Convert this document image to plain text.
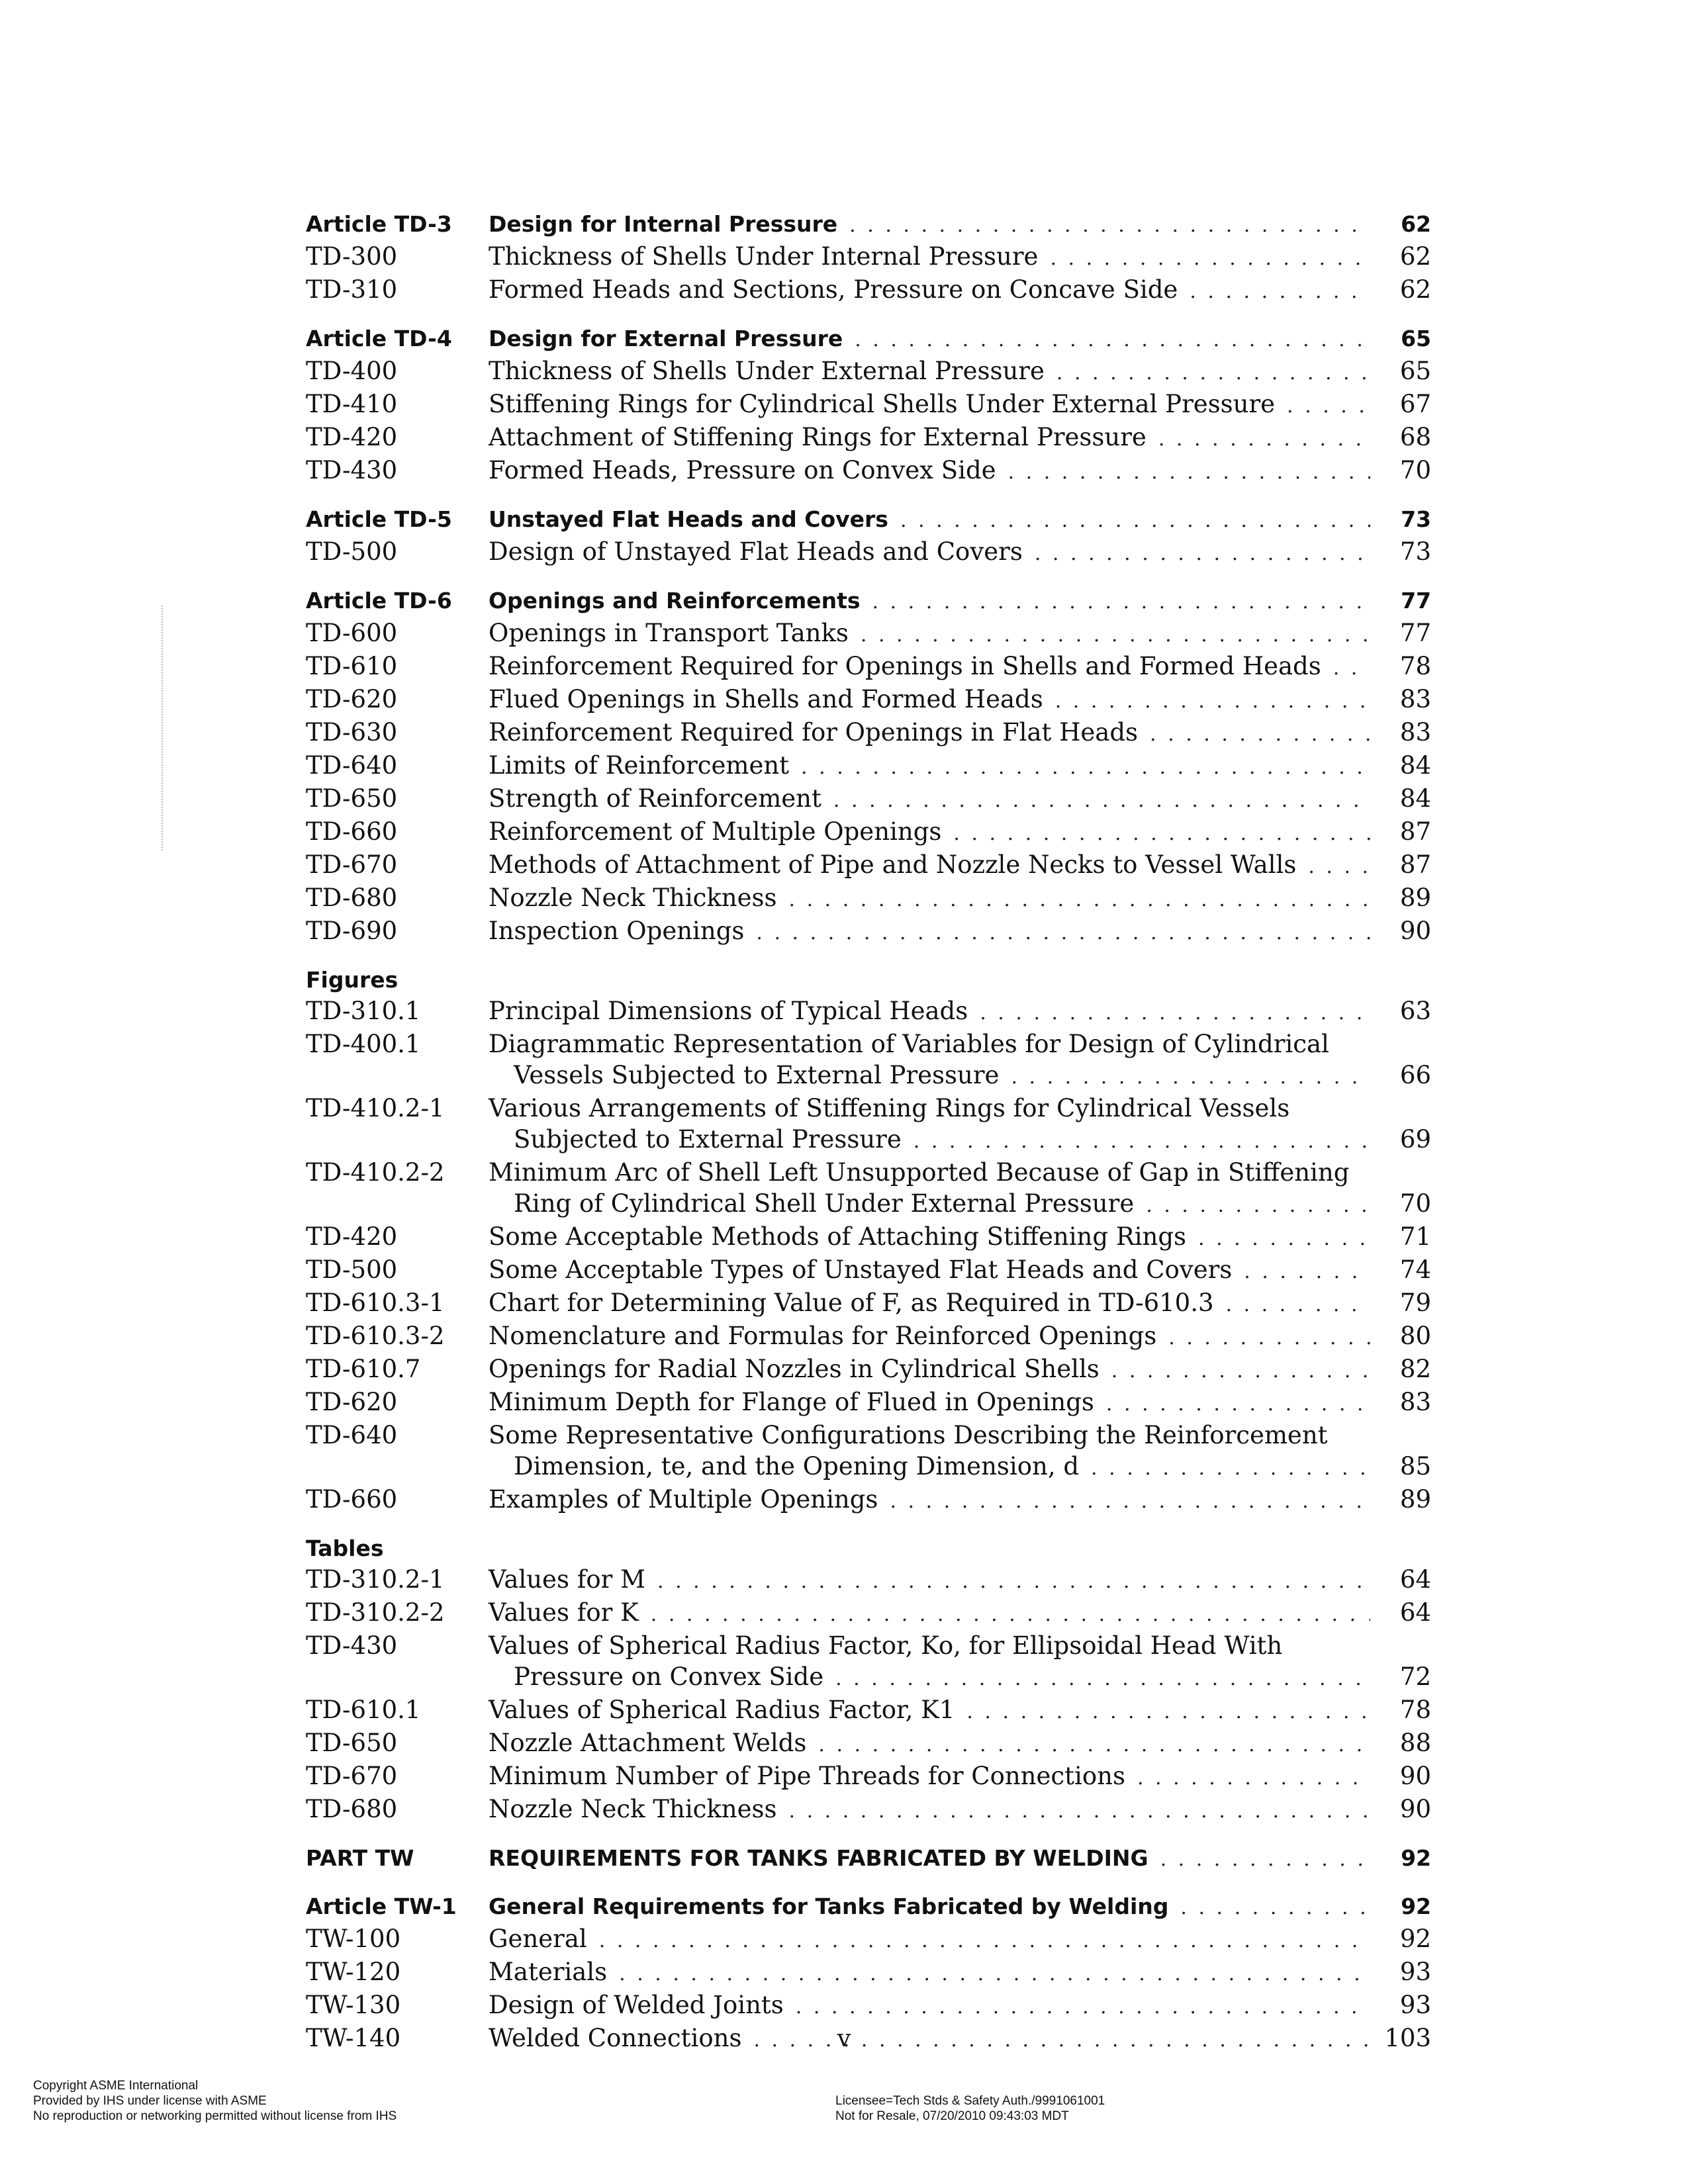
Article TD-3	Design for Internal Pressure . . .	62
TD-300	Thickness of Shells Under Internal Pressure . . .	62
TD-310	Formed Heads and Sections, Pressure on Concave Side . . .	62
Article TD-4	Design for External Pressure . . .	65
TD-400	Thickness of Shells Under External Pressure . . .	65
TD-410	Stiffening Rings for Cylindrical Shells Under External Pressure . . .	67
TD-420	Attachment of Stiffening Rings for External Pressure . . .	68
TD-430	Formed Heads, Pressure on Convex Side . . .	70
Article TD-5	Unstayed Flat Heads and Covers . . .	73
TD-500	Design of Unstayed Flat Heads and Covers . . .	73
Article TD-6	Openings and Reinforcements . . .	77
TD-600	Openings in Transport Tanks . . .	77
TD-610	Reinforcement Required for Openings in Shells and Formed Heads . . .	78
TD-620	Flued Openings in Shells and Formed Heads . . .	83
TD-630	Reinforcement Required for Openings in Flat Heads . . .	83
TD-640	Limits of Reinforcement . . .	84
TD-650	Strength of Reinforcement . . .	84
TD-660	Reinforcement of Multiple Openings . . .	87
TD-670	Methods of Attachment of Pipe and Nozzle Necks to Vessel Walls . . .	87
TD-680	Nozzle Neck Thickness . . .	89
TD-690	Inspection Openings . . .	90
Figures
TD-310.1	Principal Dimensions of Typical Heads . . .	63
TD-400.1	Diagrammatic Representation of Variables for Design of Cylindrical
Vessels Subjected to External Pressure . . .	66
TD-410.2-1	Various Arrangements of Stiffening Rings for Cylindrical Vessels
Subjected to External Pressure . . .	69
TD-410.2-2	Minimum Arc of Shell Left Unsupported Because of Gap in Stiffening
Ring of Cylindrical Shell Under External Pressure . . .	70
TD-420	Some Acceptable Methods of Attaching Stiffening Rings . . .	71
TD-500	Some Acceptable Types of Unstayed Flat Heads and Covers . . .	74
TD-610.3-1	Chart for Determining Value of F, as Required in TD-610.3 . . .	79
TD-610.3-2	Nomenclature and Formulas for Reinforced Openings . . .	80
TD-610.7	Openings for Radial Nozzles in Cylindrical Shells . . .	82
TD-620	Minimum Depth for Flange of Flued in Openings . . .	83
TD-640	Some Representative Configurations Describing the Reinforcement
Dimension, te, and the Opening Dimension, d . . .	85
TD-660	Examples of Multiple Openings . . .	89
Tables
TD-310.2-1	Values for M . . .	64
TD-310.2-2	Values for K . . .	64
TD-430	Values of Spherical Radius Factor, Ko, for Ellipsoidal Head With
Pressure on Convex Side . . .	72
TD-610.1	Values of Spherical Radius Factor, K1 . . .	78
TD-650	Nozzle Attachment Welds . . .	88
TD-670	Minimum Number of Pipe Threads for Connections . . .	90
TD-680	Nozzle Neck Thickness . . .	90
PART TW	REQUIREMENTS FOR TANKS FABRICATED BY WELDING . . .	92
Article TW-1	General Requirements for Tanks Fabricated by Welding . . .	92
TW-100	General . . .	92
TW-120	Materials . . .	93
TW-130	Design of Welded Joints . . .	93
TW-140	Welded Connections . . .	103
v
Copyright ASME International
Provided by IHS under license with ASME
No reproduction or networking permitted without license from IHS
Licensee=Tech Stds & Safety Auth./9991061001
Not for Resale, 07/20/2010 09:43:03 MDT
